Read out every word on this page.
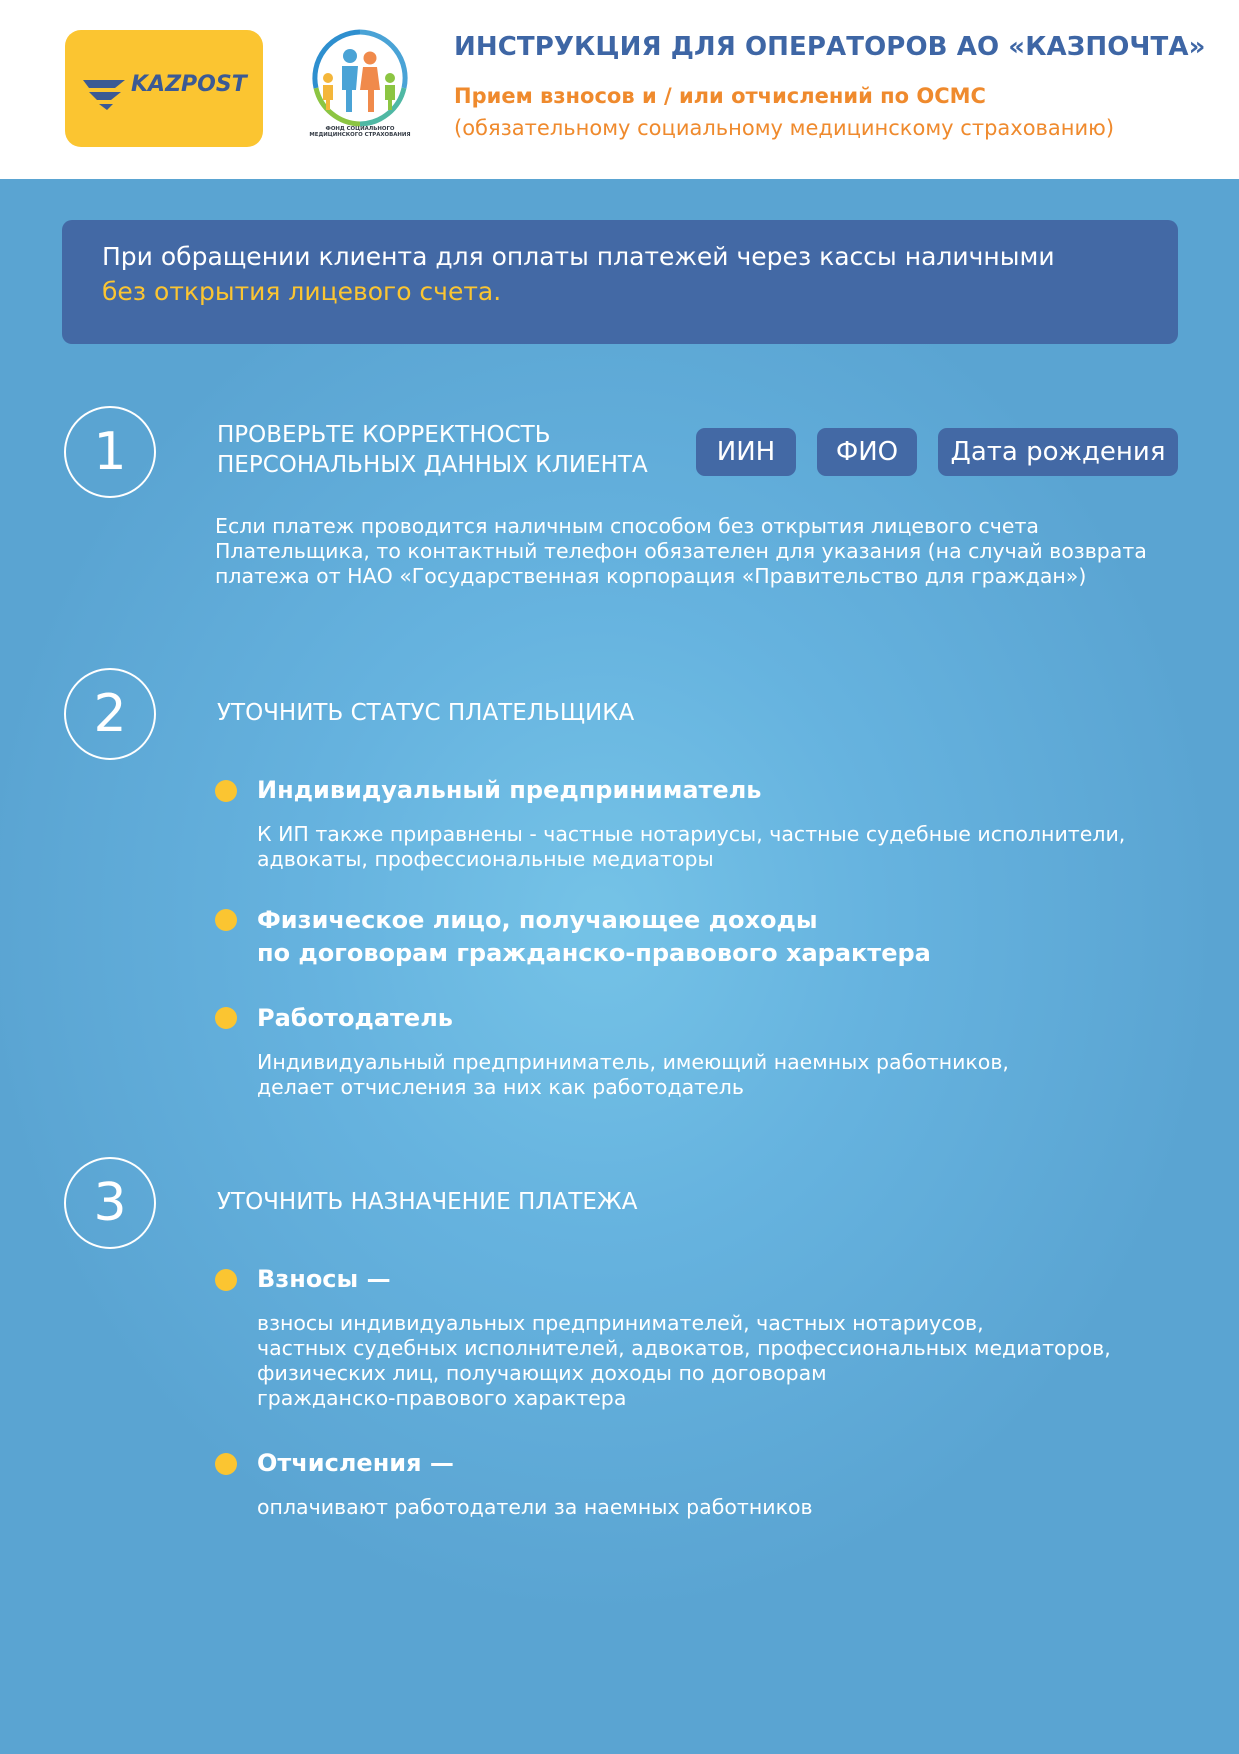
KAZPOST
ФОНД СОЦИАЛЬНОГО МЕДИЦИНСКОГО СТРАХОВАНИЯ
ИНСТРУКЦИЯ ДЛЯ ОПЕРАТОРОВ АО «КАЗПОЧТА»
Прием взносов и / или отчислений по ОСМС
(обязательному социальному медицинскому страхованию)
При обращении клиента для оплаты платежей через кассы наличными
без открытия лицевого счета.
1	ПРОВЕРЬТЕ КОРРЕКТНОСТЬ
ПЕРСОНАЛЬНЫХ ДАННЫХ КЛИЕНТА	ИИН	ФИО	Дата рождения
Если платеж проводится наличным способом без открытия лицевого счета
Плательщика, то контактный телефон обязателен для указания (на случай возврата
платежа от НАО «Государственная корпорация «Правительство для граждан»)
2	УТОЧНИТЬ СТАТУС ПЛАТЕЛЬЩИКА
Индивидуальный предприниматель
К ИП также приравнены - частные нотариусы, частные судебные исполнители,
адвокаты, профессиональные медиаторы
Физическое лицо, получающее доходы
по договорам гражданско-правового характера
Работодатель
Индивидуальный предприниматель, имеющий наемных работников,
делает отчисления за них как работодатель
3	УТОЧНИТЬ НАЗНАЧЕНИЕ ПЛАТЕЖА
Взносы —
взносы индивидуальных предпринимателей, частных нотариусов,
частных судебных исполнителей, адвокатов, профессиональных медиаторов,
физических лиц, получающих доходы по договорам
гражданско-правового характера
Отчисления —
оплачивают работодатели за наемных работников
